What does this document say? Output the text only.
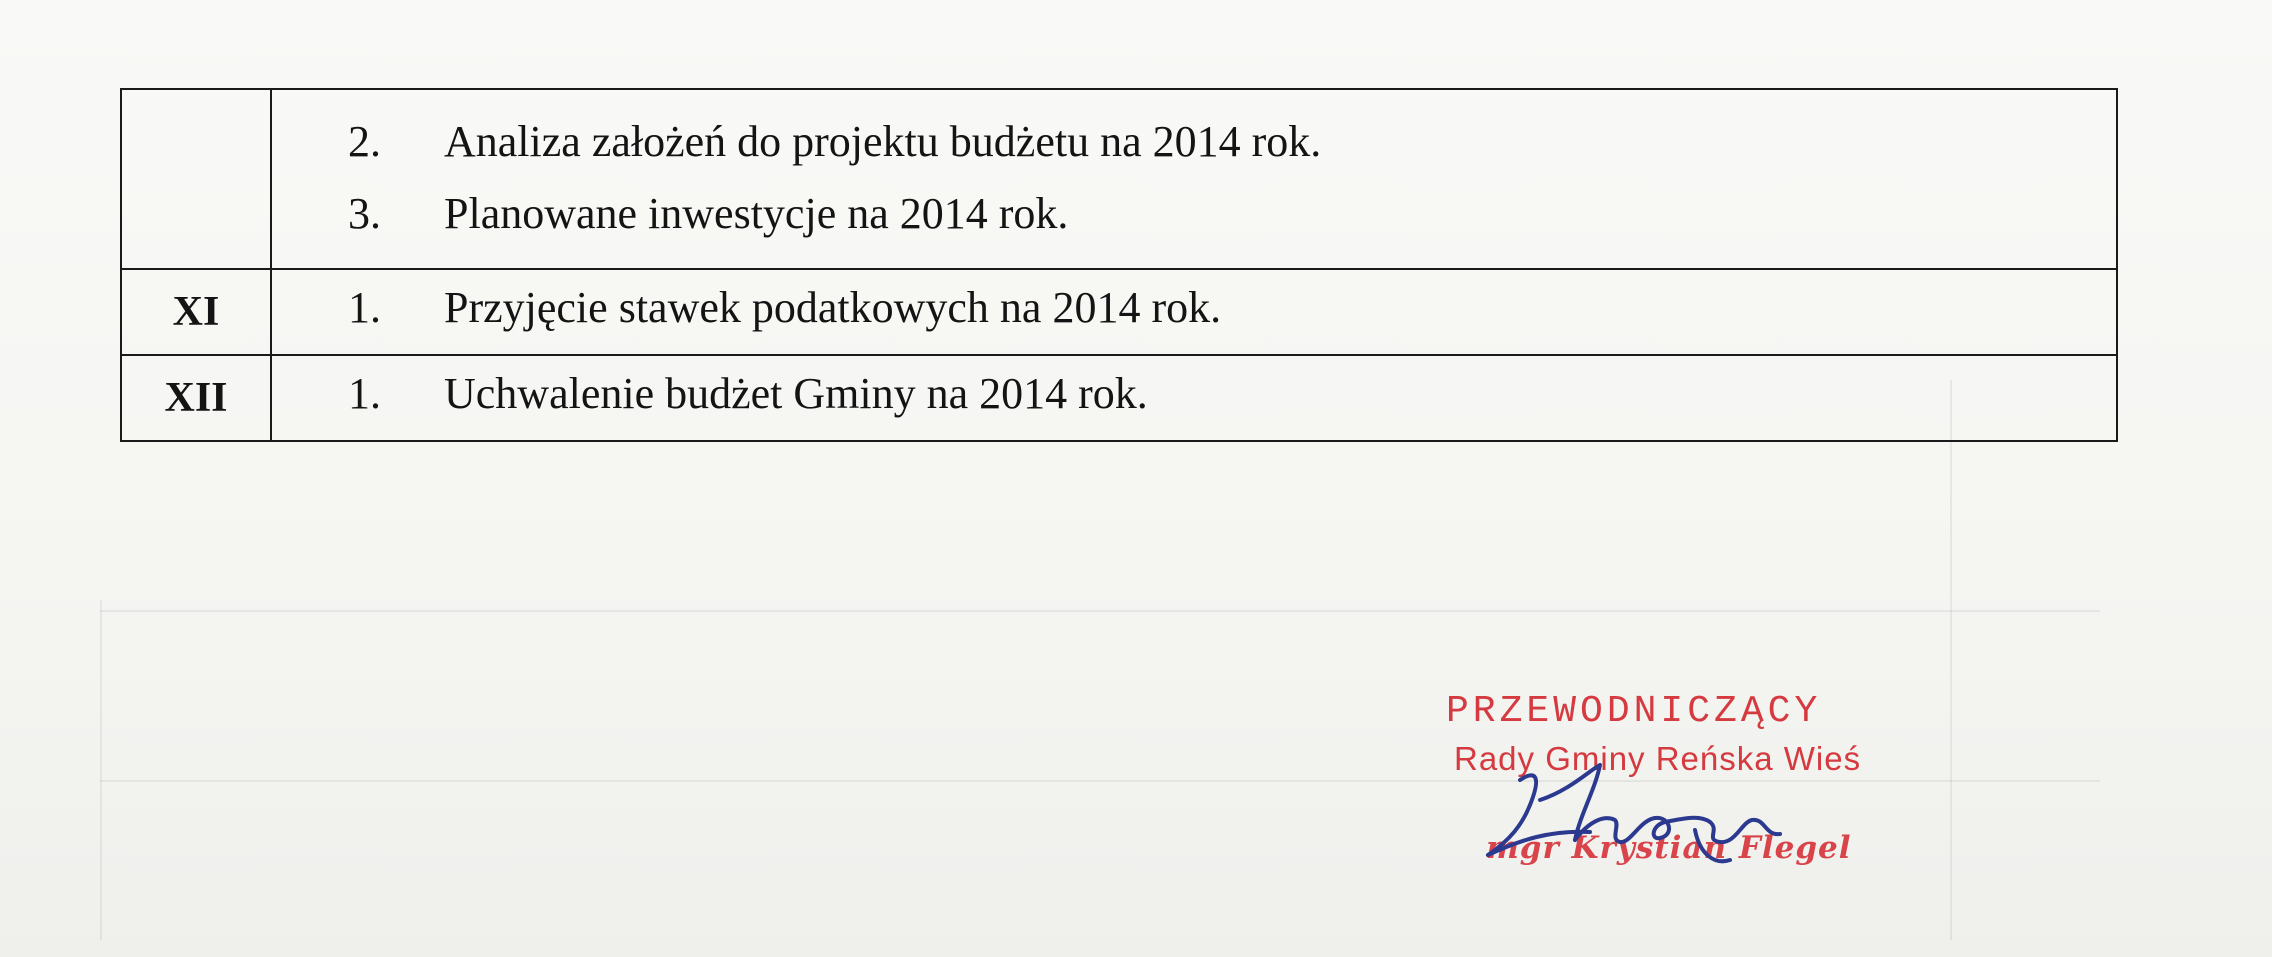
	2. Analiza założeń do projektu budżetu na 2014 rok.
3. Planowane inwestycje na 2014 rok.

XI	1. Przyjęcie stawek podatkowych na 2014 rok.

XII	1. Uchwalenie budżet Gminy na 2014 rok.
PRZEWODNICZĄCY
Rady Gminy Reńska Wieś
mgr Krystian Flegel
